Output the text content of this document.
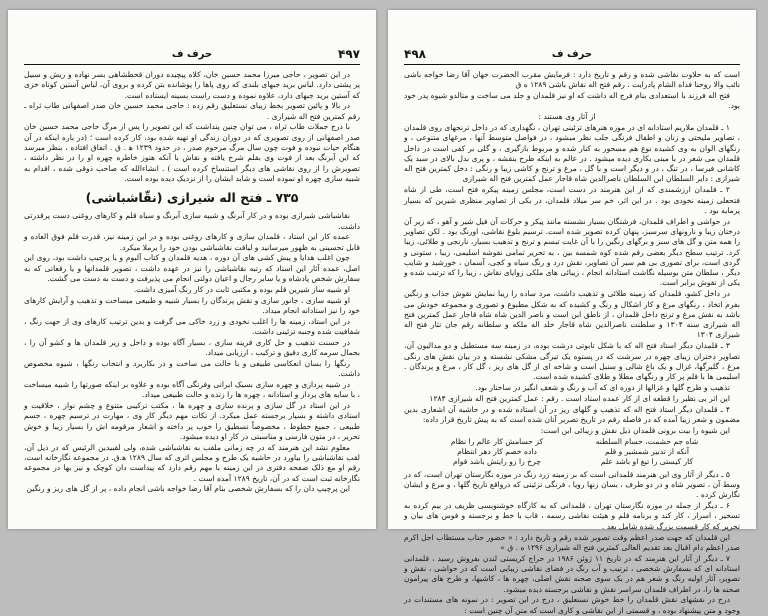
حرف ف	۴۹۷

در این تصویر ، حاجی میرزا محمد حسین خان، کلاه پیچیده دوران قحطشاهی بسر نهاده و ریش و سبیل پر پشتی دارد. لباس برید جبهای بلندی که روی پاها را پوشانده بتن کرده و بروی آن، لباس آستین کوتاه خزی که آستین برید جبهای دارد، علاوه نموده و دست راست بسینه ایستاده است.

در بالا و پائین تصویر بخط زیبای نستعلیق رقم زده : حاجی محمد حسین خان صدر اصفهانی طاب ثراه ـ رقم کمترین فتح اله شیرازی .

با درج جملات طاب ثراه ، می توان چنین پنداشت که این تصویر را پس از مرگ حاجی محمد حسین خان صدر اصفهانی از روی تصویری که در دوران زندگی او تهیه شده بود، کار کرده است ؛ (در باره اینکه در آن هنگام حیات نبوده و فوت چون سال مرگ مرحوم صدر ، در حدود ۱۲۳۹ ﻫ . ق . اتفاق افتاده ، بنظر میرسد که این آبرنگ بعد از فوت وی بقلم شرح یافته و نقاش با آنکه هنوز خاطره چهره او را در نظر داشته ، تصویرش را از روی نقاشی های دیگر استنساخ کرده است ) . انشاءالله که صاحب ذوقی شده ، اقدام به شبیه سازی چهره او نموده است و شاید ایشان را از نزدیک دیده بوده است.

۷۳۵ ـ فتح اله شیرازی (نقّاشباشی)

نقاشباشی شیرازی بوده و در کار آبرنگ و شبیه سازی آبرنگ و سیاه قلم و کارهای روغنی دست پرقدرتی داشت.

عمده کار این استاد ، قلمدان سازی و کارهای روغنی بوده و در این زمینه نیز، قدرت قلم فوق العاده و قابل تحسینی به ظهور میرسانید و لیاقت نقاشباشی بودن خود را برملا میکرد.

چون اغلب هدایا و پیش کشی های آن دوره ، هدیه قلمدان و کتاب آلبوم و یا پرچیپ داشت بود، روی این اصل، عمده آثار این استاد که رتبه نقاشباشی را نیز در عهده داشت ، تصویر قلمدانها و یا رقعاتی که به سفارش شخص پادشاه و یا سایر رجال و اعیان دولتی انجام می پذیرفت و دست به دست می گشت.

او شبیه ساز شیرین قلم بوده و مکتبی ثابت در کار رنگ آمیزی داشت.

او شبیه سازی ، جانور سازی و نقش پرندگان را بسیار شبیه و طبیعی میساخت و تذهیب و آرایش کارهای خود را نیز استادانه انجام میداد.

در این استاد، زمینه ها را اغلب نخودی و زرد خاکی می گرفت و بدین ترتیب کارهای وی از جهت رنگ ، شفافیت شده وجنبه تزئینی داشت.

در حسنت تذهیب و حل کاری قرینه سازی ، بسیار آگاه بوده و داخل و زیر قلمدان ها و کشو آن را ، بجمال سرمه کاری دقیق و ترکیب ، ارزیابی میداد.

رنگها را بسان انعکاسی طبیعی و با حالت می ساخت و در بکاربرد و انتخاب رنگها ، شیوه مخصوص داشت.

در شبیه پردازی و چهره سازی بسیک ایرانی وفرنگی آگاه بوده و علاوه بر اینکه صورتها را شبیه میساخت ، با سایه های پرداز و استادانه ، چهره ها را زنده و حالت طبیعی میداد.

در این استاد در گل سازی و پرنده سازی و چهره ها ، مکتب ترکیبی متنوع و چشم نواز ، خلاقیت و استادی داشته و بسیار برجسته عمل میکرد. از نکات مهم دیگر کار وی ، مهارت در ترسیم چهره ، جسم طبیعی ، جمیع خطوط ، مخصوصاً تسطیق را خوب پر داخته و اشعار مرقومه اش را بسیار زیبا و خوش تحریر ، در متون فارسی و مناسبتی در کار او دیده میشود.

معلوم نشد این هنرمند که در چه زمانی ملقب به نقاشباشی شده، ولی لقبیدین الرئیس که در ذیل آن، لقب نقاشباشی را بیاورد در حاشیه یک طرح و مجلس اثری که سال ۱۲۸۹ ﻫ.ق. در مجموعه نگارخانه است، رقم او مع ذلک صفحه دفتری در این زمینه با مهم رقم دارد که پیداست دان کوچک و نیز بها در مجموعه نگارخانه ثبت است که در آن، تاریخ ۱۲۸۹ آمده است .

این پرچیپ دان را که بسفارش شخصی بنام آقا رضا خواجه باشی انجام داده ، پر از گل های ریز و رنگین

حرف ف
۴۹۸

است که به حلاوت نقاشی شده و رقم و تاریخ دارد : فرمایش مقرب الحضرت جهان آقا رضا خواجه باشی نائب والا روحنا فداه الشام پادرایت . رقم فتح اله نقاش باشی ۱۲۸۹ ه ق

فتح اله فرزند با استعدادی بنام فرج اله داشت که او نیز قلمدان و جلد می ساخت و متالدو شیوه پدر خود بود.

از آثار وی هستند :

۱ ـ قلمدان ملاریم استادانه ای در موزه هنرهای تزئینی تهران ، نگهداری که در داخل ترنجهای روی قلمدان ، تصاویر ملیحتی و زنان و اطفال فرنگی جلب نظر میشود ، در فواصل متوسط آنها ، مرغهای متنوعی ، و رنگهای الوان به وی کشیده نوع هم مسحور به کنار شده و مربوط بازگیری ، و گلی بر کفی است در داخل قلمدان می شعر در با مینی بکاری دیده میشود . در عالم به اینکه طرح بنفشه ، و پری بدل بالای در سبد یک کاشانی فیرسا ، در تنگ ، در و دیگر است و با گل ، مرغ و ترنج و کاشی زیبا و رنگی : دخل کمترین فتح اله شیرازی : دایر السلطان این السلطان ناصرالدین شاه قاجار عمل کمترین فتح اله شیرازی

۲ ـ قلمدان ارزشمندی که از این هنرمند در دست است، مجلس زمینه پیکره فتح است، طی از شاه فتحعلی زمینه نخودی بود . در این اثر، خم سر میلاد قلمدان، در یکی از تصاویر منظری شیرین که بسیار پرمایه بود .

در حواشی و اطراف قلمدان، فرشتگان بسیار نشسته مانند پیکر و حرکات آن فیل شیر و آهو ، که زیر آن درختان زیبا و نارونهای سرسبز، پنهان کرده تصویر شده است. ترسیم بلوغ نقاشی، اورنگ بود . لکن تصاویر را همه متن و گل های سبز و برگهای رنگین را با آن غایت تبسم و ترنج و تذهیب بسیار، نارنجی و طلائی، زیبا کرد. ترتیب سطح دیگر بعضی رقم شده کوه شمسه بین ، به تحریر تمامی نقوشه اسلیمی، زیبا ، ستونی و گردی است، برای تصوری بی هم سیر آن تصاویر، نقش درد و رنگ سیاه و کجی، آسمان ، خورشید و شایب دیگر ، سلطان متن بوسیله نگاشت استادانه انجام ، زیبائی های ملکی زوایای نقاش ، زیبا را که ترتیب شده و یکی از نقوش برابر است.

در داخل کشو، قلمدان که زمینه طلائی و تذهیب داشت، مرد ساده را زیبا نمایش نقوش جذاب و رنگین بفرم اتخاذ ، رنگهای مرغ و کار اشکال و رنگ و کشیده که به شکل مطبوع و تصوری و مجموعه خودش می باشد به نقش مرغ و ترنج داخل قلمدان ، از ناطق این است و ناصر الدین شاه شاه قاجار عمل کمترین فتح اله شیرازی سنه ۱۳۰۴ و سلطنت ناصرالدین شاه قاجار خلد اله ملکه و سلطانه رقم جان نثار فتح اله شیرازی ۱۳۰۴

۳ ـ قلمدان دیگر استاد فتح اله که با شکل تابوتی درشت بوده، در زمینه سه مستطیل و دو مدالیون آن، تصاویر دختران زیبای چهره در سرشت که در پستوه یک تیرگی مشکی نشسته و در بیان نقش های رنگی مرغ ، گلبرگها، غزال و یک باغ شالی و سنبل است و شاخه ای از گل های ریز ، گل کار ، مرغ و پرندگان . اسلیمی ها با قلم پر کار و رنگهای مطلا و طلای کشیده شده است.

تذهیب و طرح گلها و غزالها از دوره ای که آب و رنگ و شعف انگیز در ساختار بود.

این اثر بی نظیر را قطعه ای از کار عمده استاد است . رقم : عمل کمترین فتح اله شیرازی ۱۲۸۴

۴ ـ قلمدان دیگر استاد فتح اله که تذهیب و گلهای ریز در آن استاده شده و در حاشیه آن اشعاری بدین مضمون و شعر زیبا آمده که در فاصله رقم در تاریخ تصریر آنان شده است که به پیش تاریخ قرار داده:

این شیوه را بیت برونی قلمدان ذیل نقش و زیبائی این است:

شاه جم حشمت، حسام السلطنه
کز حسامش کار عالم را نظام
آنکه از تدبیر شمشیر و قلم
داده خصم کار دهر انتظام
کار کیستی را تیغ او باشد علم
چرخ را زو رایتش باشد قوام

۵ ـ دیگر از آثار وی این هنرمند قلمدانی است که بر زمینه زرد رنگ در موزه نگارستان تهران است، که در وسط آن ، تصویر شاه و در دو طرف ، بسان زنها رویا ، فرنگی تزئینی که درواقع تاریخ گلها ، و مرغ و ایشان نگارش کرده .

۶ ـ دیگر از جمله در موزه نگارستان تهران ، قلمدانی که به کارگاه خوشنویسی ظریف در بیم کرده به تسخیر ، اسرار ، کار کند و برنامه قلم و هیئت نقاشی رسمه ، قاب با خط و برجسته و قوس های بیان و تحریر که کار قسمت بزرگ شده شامل بعد .

این قلمدان که جهت صدر اعظم وقت تصویر شده رقم و تاریخ دارد : « حضور جناب مستطاب اجل اکرم صدر اعظم دام اقبال بعد تقدیم العالی کمترین فتح اله شیرازی ۱۲۹۶ ه . ق »

۷ ـ دیگر از آثار این هنرمند که در تاریخ ۱۱ ژوئن ۱۹۸۶ در حراج کریستی لندن بفروش رسید ، قلمدانی استادانه ای که بسفارش شخصی ، ترتیب و آب رنگ در فضای نقاشی زیبایی است که در حواشی ، نقش و تصویر، آثار اولیه رنگ و شعر هم در یک سوی صحنه نقش اصلی، چهره ها ، کاشیها، و طرح های پیرامون صحنه ها را، در اطراف قلمدان سراسر نقش و نقاشی برجسته دیده میشود.

درج در نقشهای نقش قلمدان را خط خوش نستعلیق ، درج در این تصویر : در نمونه های مستندات در وجود و متن پیشنهاد بوده ، و قسمتی از این نقاشی و کاری است که متن آن چنین است :
